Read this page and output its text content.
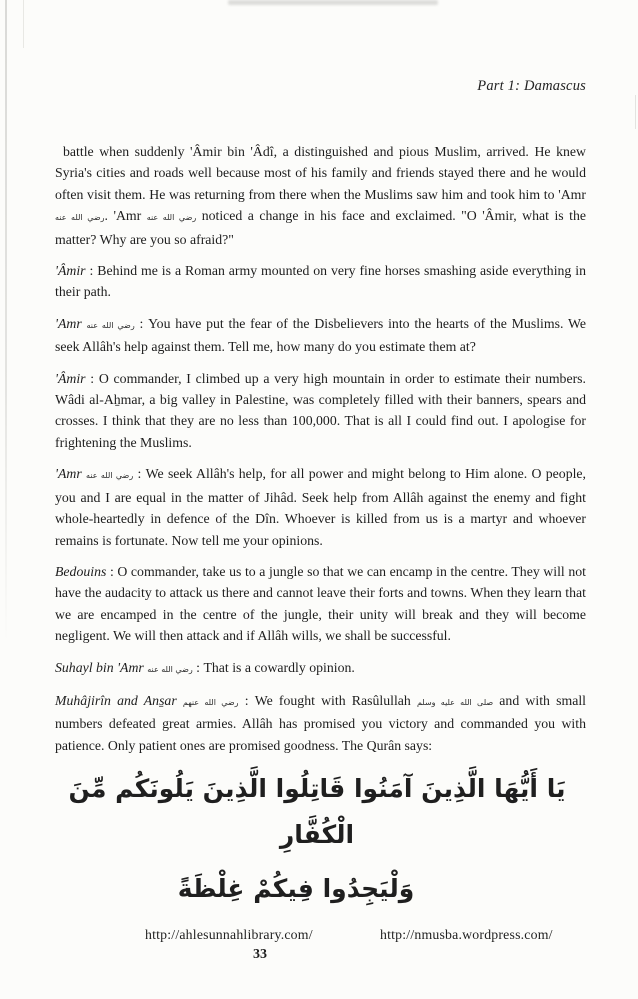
Part 1: Damascus

battle when suddenly 'Âmir bin 'Âdî, a distinguished and pious Muslim, arrived. He knew Syria's cities and roads well because most of his family and friends stayed there and he would often visit them. He was returning from there when the Muslims saw him and took him to 'Amr رضي الله عنه. 'Amr رضي الله عنه noticed a change in his face and exclaimed. "O 'Âmir, what is the matter? Why are you so afraid?"

'Âmir : Behind me is a Roman army mounted on very fine horses smashing aside everything in their path.

'Amr رضي الله عنه : You have put the fear of the Disbelievers into the hearts of the Muslims. We seek Allâh's help against them. Tell me, how many do you estimate them at?

'Âmir : O commander, I climbed up a very high mountain in order to estimate their numbers. Wâdi al-Aẖmar, a big valley in Palestine, was completely filled with their banners, spears and crosses. I think that they are no less than 100,000. That is all I could find out. I apologise for frightening the Muslims.

'Amr رضي الله عنه : We seek Allâh's help, for all power and might belong to Him alone. O people, you and I are equal in the matter of Jihâd. Seek help from Allâh against the enemy and fight whole-heartedly in defence of the Dîn. Whoever is killed from us is a martyr and whoever remains is fortunate. Now tell me your opinions.

Bedouins : O commander, take us to a jungle so that we can encamp in the centre. They will not have the audacity to attack us there and cannot leave their forts and towns. When they learn that we are encamped in the centre of the jungle, their unity will break and they will become negligent. We will then attack and if Allâh wills, we shall be successful.

Suhayl bin 'Amr رضي الله عنه : That is a cowardly opinion.

Muhâjirîn and Ans̱ar رضي الله عنهم : We fought with Rasûlullah صلى الله عليه وسلم and with small numbers defeated great armies. Allâh has promised you victory and commanded you with patience. Only patient ones are promised goodness. The Qurân says:

يَا أَيُّهَا الَّذِينَ آمَنُوا قَاتِلُوا الَّذِينَ يَلُونَكُم مِّنَ الْكُفَّارِ
وَلْيَجِدُوا فِيكُمْ غِلْظَةً
http://ahlesunnahlibrary.com/	http://nmusba.wordpress.com/
33
